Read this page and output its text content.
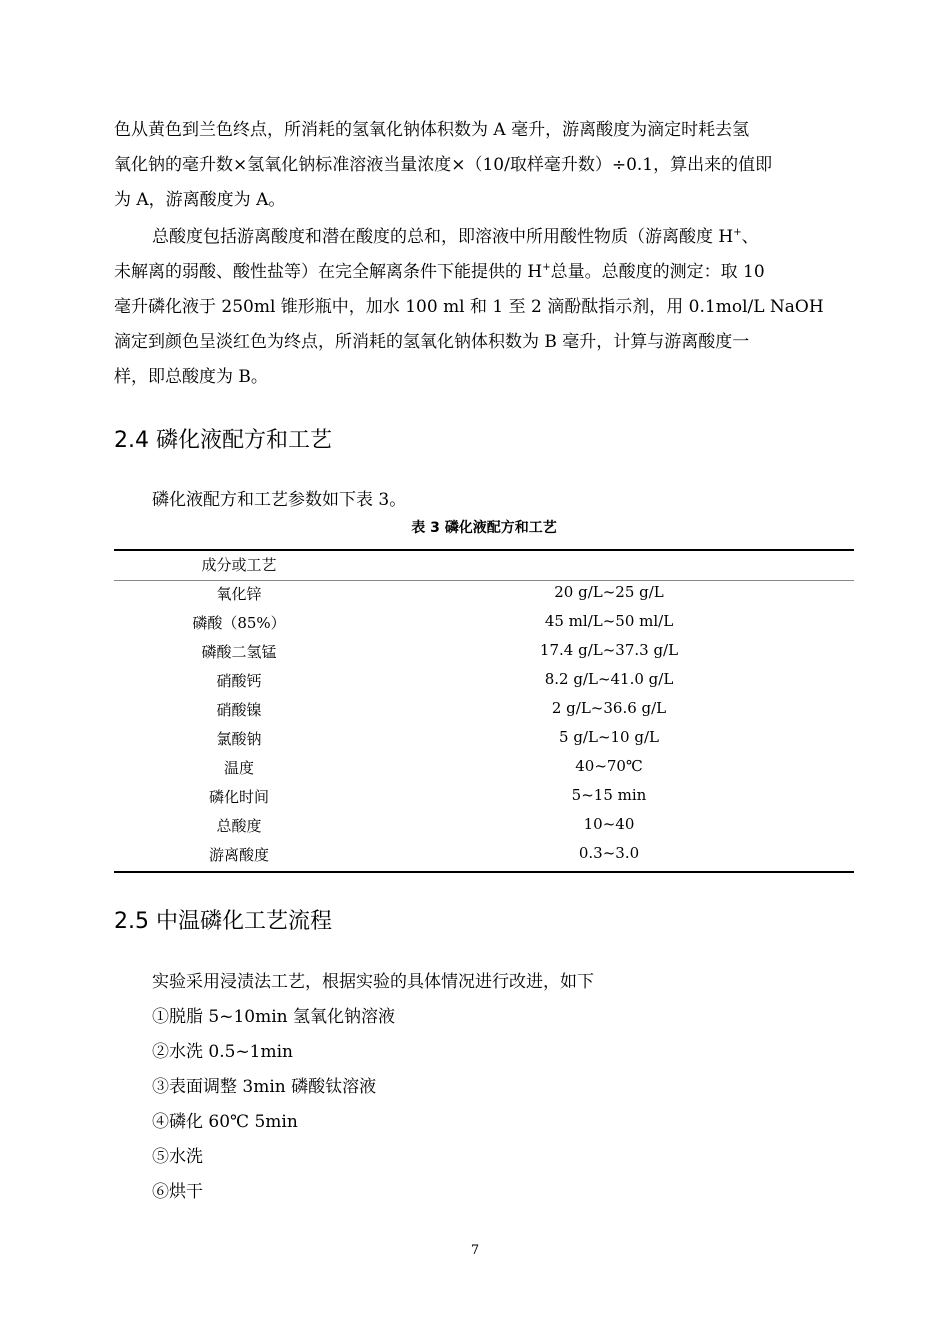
色从黄色到兰色终点，所消耗的氢氧化钠体积数为 A 毫升，游离酸度为滴定时耗去氢
氧化钠的毫升数×氢氧化钠标准溶液当量浓度×（10/取样毫升数）÷0.1，算出来的值即
为 A，游离酸度为 A。
总酸度包括游离酸度和潜在酸度的总和，即溶液中所用酸性物质（游离酸度 H+、
未解离的弱酸、酸性盐等）在完全解离条件下能提供的 H+总量。总酸度的测定：取 10
毫升磷化液于 250ml 锥形瓶中，加水 100 ml 和 1 至 2 滴酚酞指示剂，用 0.1mol/L NaOH
滴定到颜色呈淡红色为终点，所消耗的氢氧化钠体积数为 B 毫升，计算与游离酸度一
样，即总酸度为 B。
2.4 磷化液配方和工艺
磷化液配方和工艺参数如下表 3。
表 3 磷化液配方和工艺
成分或工艺
氧化锌	20 g/L~25 g/L
磷酸（85%）	45 ml/L~50 ml/L
磷酸二氢锰	17.4 g/L~37.3 g/L
硝酸钙	8.2 g/L~41.0 g/L
硝酸镍	2 g/L~36.6 g/L
氯酸钠	5 g/L~10 g/L
温度	40~70℃
磷化时间	5~15 min
总酸度	10~40
游离酸度	0.3~3.0
2.5 中温磷化工艺流程
实验采用浸渍法工艺，根据实验的具体情况进行改进，如下
①脱脂 5~10min 氢氧化钠溶液
②水洗 0.5~1min
③表面调整 3min 磷酸钛溶液
④磷化 60℃ 5min
⑤水洗
⑥烘干
7
